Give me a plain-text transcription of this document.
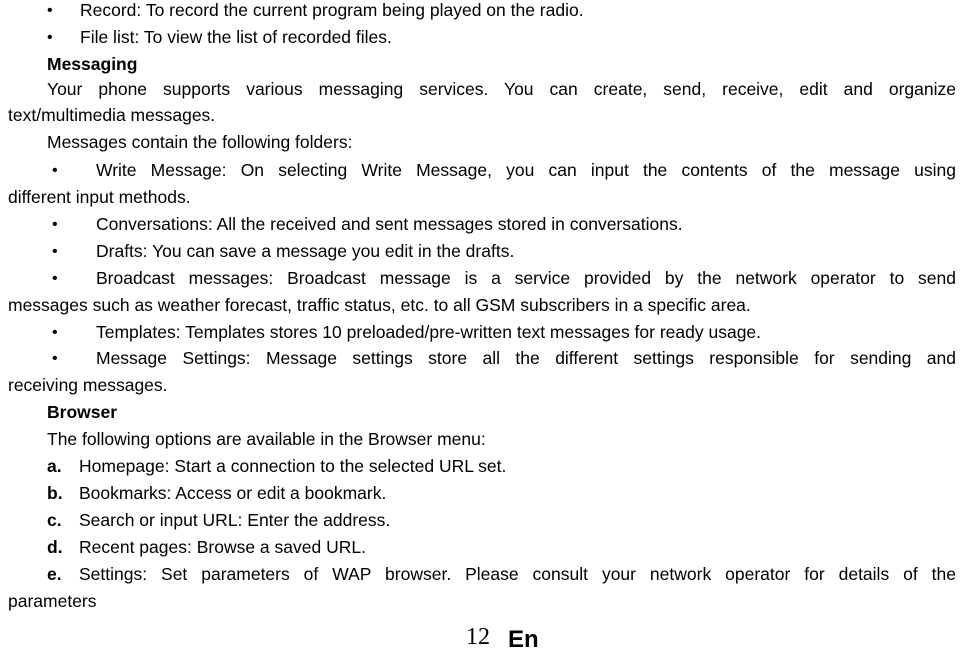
• Record: To record the current program being played on the radio.
• File list: To view the list of recorded files.
Messaging
Your phone supports various messaging services. You can create, send, receive, edit and organize
text/multimedia messages.
Messages contain the following folders:
• Write Message: On selecting Write Message, you can input the contents of the message using
different input methods.
• Conversations: All the received and sent messages stored in conversations.
• Drafts: You can save a message you edit in the drafts.
• Broadcast messages: Broadcast message is a service provided by the network operator to send
messages such as weather forecast, traffic status, etc. to all GSM subscribers in a specific area.
• Templates: Templates stores 10 preloaded/pre-written text messages for ready usage.
• Message Settings: Message settings store all the different settings responsible for sending and
receiving messages.
Browser
The following options are available in the Browser menu:
a. Homepage: Start a connection to the selected URL set.
b. Bookmarks: Access or edit a bookmark.
c. Search or input URL: Enter the address.
d. Recent pages: Browse a saved URL.
e. Settings: Set parameters of WAP browser. Please consult your network operator for details of the
parameters
12 En
